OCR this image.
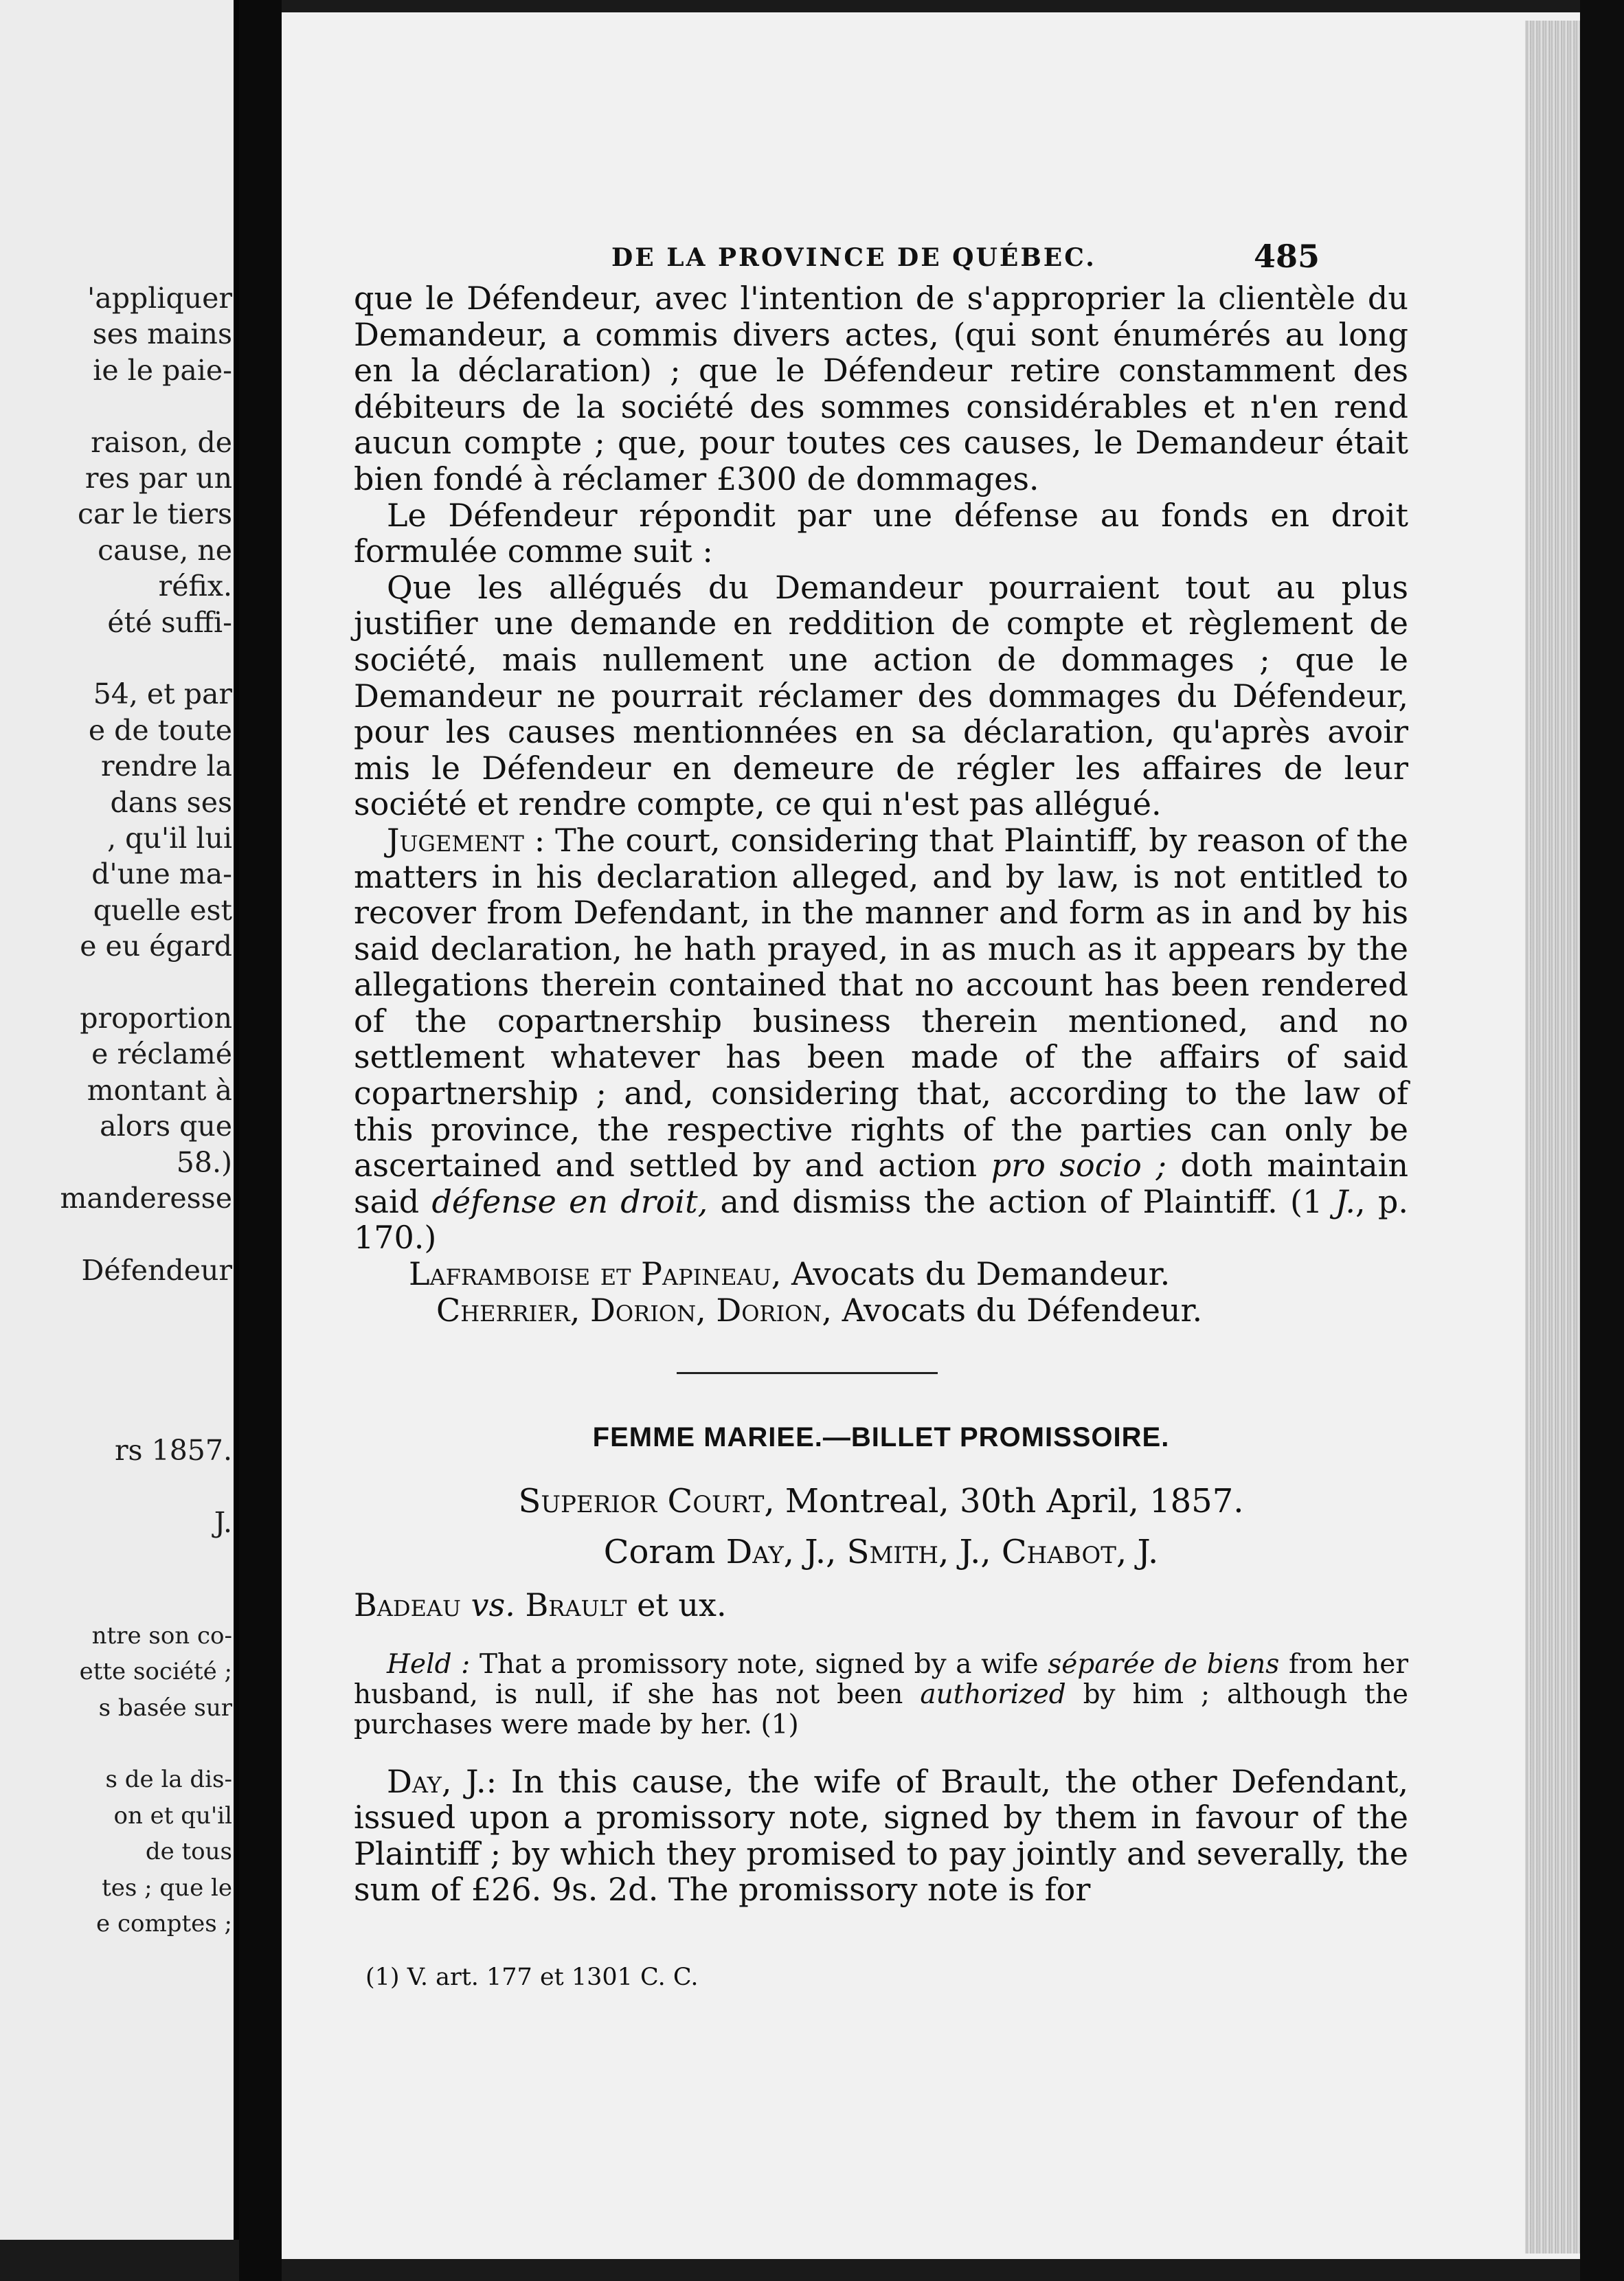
'appliquer
ses mains
ie le paie-
raison, de
res par un
car le tiers
cause, ne
réfix.
été suffi-
54, et par
e de toute
rendre la
dans ses
, qu'il lui
d'une ma-
quelle est
e eu égard
proportion
e réclamé
montant à
alors que
58.)
manderesse
Défendeur
rs 1857.
J.
ntre son co-
ette société ;
s basée sur
s de la dis-
on et qu'il
de tous
tes ; que le
e comptes ;
DE LA PROVINCE DE QUÉBEC.	485

que le Défendeur, avec l'intention de s'approprier la clientèle du Demandeur, a commis divers actes, (qui sont énumérés au long en la déclaration) ; que le Défendeur retire constamment des débiteurs de la société des sommes considérables et n'en rend aucun compte ; que, pour toutes ces causes, le Demandeur était bien fondé à réclamer £300 de dommages.

Le Défendeur répondit par une défense au fonds en droit formulée comme suit :

Que les allégués du Demandeur pourraient tout au plus justifier une demande en reddition de compte et règlement de société, mais nullement une action de dommages ; que le Demandeur ne pourrait réclamer des dommages du Défendeur, pour les causes mentionnées en sa déclaration, qu'après avoir mis le Défendeur en demeure de régler les affaires de leur société et rendre compte, ce qui n'est pas allégué.

Jugement : The court, considering that Plaintiff, by reason of the matters in his declaration alleged, and by law, is not entitled to recover from Defendant, in the manner and form as in and by his said declaration, he hath prayed, in as much as it appears by the allegations therein contained that no account has been rendered of the copartnership business therein mentioned, and no settlement whatever has been made of the affairs of said copartnership ; and, considering that, according to the law of this province, the respective rights of the parties can only be ascertained and settled by and action pro socio ; doth maintain said défense en droit, and dismiss the action of Plaintiff. (1 J., p. 170.)

Laframboise et Papineau, Avocats du Demandeur.

Cherrier, Dorion, Dorion, Avocats du Défendeur.

FEMME MARIEE.—BILLET PROMISSOIRE.
Superior Court, Montreal, 30th April, 1857.
Coram Day, J., Smith, J., Chabot, J.
Badeau vs. Brault et ux.
Held : That a promissory note, signed by a wife séparée de biens from her husband, is null, if she has not been authorized by him ; although the purchases were made by her. (1)

Day, J.: In this cause, the wife of Brault, the other Defendant, issued upon a promissory note, signed by them in favour of the Plaintiff ; by which they promised to pay jointly and severally, the sum of £26. 9s. 2d. The promissory note is for

(1) V. art. 177 et 1301 C. C.
